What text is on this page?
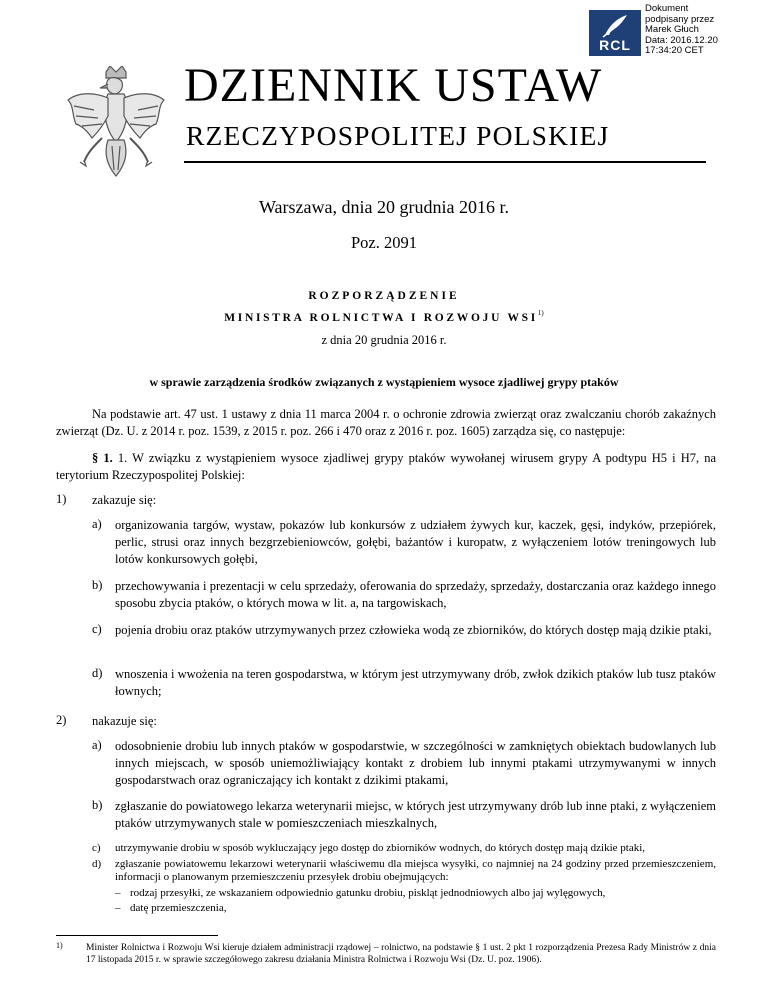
RCL
Dokument
podpisany przez
Marek Głuch
Data: 2016.12.20
17:34:20 CET
DZIENNIK USTAW
RZECZYPOSPOLITEJ POLSKIEJ
Warszawa, dnia 20 grudnia 2016 r.
Poz. 2091
ROZPORZĄDZENIE
MINISTRA ROLNICTWA I ROZWOJU WSI$^{1)}$
z dnia 20 grudnia 2016 r.
w sprawie zarządzenia środków związanych z wystąpieniem wysoce zjadliwej grypy ptaków
Na podstawie art. 47 ust. 1 ustawy z dnia 11 marca 2004 r. o ochronie zdrowia zwierząt oraz zwalczaniu chorób zakaźnych zwierząt (Dz. U. z 2014 r. poz. 1539, z 2015 r. poz. 266 i 470 oraz z 2016 r. poz. 1605) zarządza się, co następuje:
§ 1. 1. W związku z wystąpieniem wysoce zjadliwej grypy ptaków wywołanej wirusem grypy A podtypu H5 i H7, na terytorium Rzeczypospolitej Polskiej:
1) zakazuje się:
a) organizowania targów, wystaw, pokazów lub konkursów z udziałem żywych kur, kaczek, gęsi, indyków, przepiórek, perlic, strusi oraz innych bezgrzebieniowców, gołębi, bażantów i kuropatw, z wyłączeniem lotów treningowych lub lotów konkursowych gołębi,
b) przechowywania i prezentacji w celu sprzedaży, oferowania do sprzedaży, sprzedaży, dostarczania oraz każdego innego sposobu zbycia ptaków, o których mowa w lit. a, na targowiskach,
c) pojenia drobiu oraz ptaków utrzymywanych przez człowieka wodą ze zbiorników, do których dostęp mają dzikie ptaki,
d) wnoszenia i wwożenia na teren gospodarstwa, w którym jest utrzymywany drób, zwłok dzikich ptaków lub tusz ptaków łownych;
2) nakazuje się:
a) odosobnienie drobiu lub innych ptaków w gospodarstwie, w szczególności w zamkniętych obiektach budowlanych lub innych miejscach, w sposób uniemożliwiający kontakt z drobiem lub innymi ptakami utrzymywanymi w innych gospodarstwach oraz ograniczający ich kontakt z dzikimi ptakami,
b) zgłaszanie do powiatowego lekarza weterynarii miejsc, w których jest utrzymywany drób lub inne ptaki, z wyłączeniem ptaków utrzymywanych stale w pomieszczeniach mieszkalnych,
1) Minister Rolnictwa i Rozwoju Wsi kieruje działem administracji rządowej – rolnictwo, na podstawie § 1 ust. 2 pkt 1 rozporządzenia Prezesa Rady Ministrów z dnia 17 listopada 2015 r. w sprawie szczegółowego zakresu działania Ministra Rolnictwa i Rozwoju Wsi (Dz. U. poz. 1906).
c) utrzymywanie drobiu w sposób wykluczający jego dostęp do zbiorników wodnych, do których dostęp mają dzikie ptaki,
d) zgłaszanie powiatowemu lekarzowi weterynarii właściwemu dla miejsca wysyłki, co najmniej na 24 godziny przed przemieszczeniem, informacji o planowanym przemieszczeniu przesyłek drobiu obejmujących:
– rodzaj przesyłki, ze wskazaniem odpowiednio gatunku drobiu, piskląt jednodniowych albo jaj wylęgowych,
– datę przemieszczenia,
